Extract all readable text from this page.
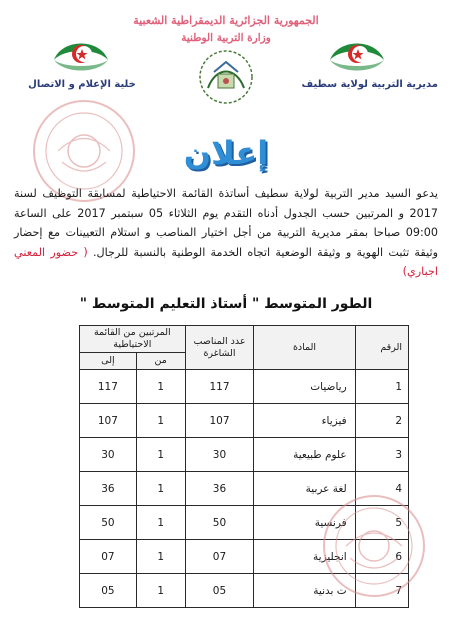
الجمهورية الجزائرية الديمقراطية الشعبية
وزارة التربية الوطنية
خلية الإعلام و الاتصال	مديرية التربية لولاية سطيف
إعلان
يدعو السيد مدير التربية لولاية سطيف أساتذة القائمة الاحتياطية لمسابقة التوظيف لسنة 2017 و المرتبين حسب الجدول أدناه التقدم يوم الثلاثاء 05 سبتمبر 2017 على الساعة 09:00 صباحا بمقر مديرية التربية من أجل اختيار المناصب و استلام التعيينات مع إحضار وثيقة تثبت الهوية و وثيقة الوضعية اتجاه الخدمة الوطنية بالنسبة للرجال. ( حضور المعني اجباري)
الطور المتوسط " أستاذ التعليم المتوسط "
الرقم	المادة	عدد المناصب الشاغرة	المرتبين من القائمة الاحتياطية	
			من	إلى
1	رياضيات	117	1	117
2	فيزياء	107	1	107
3	علوم طبيعية	30	1	30
4	لغة عربية	36	1	36
5	فرنسية	50	1	50
6	انجليزية	07	1	07
7	ت بدنية	05	1	05
